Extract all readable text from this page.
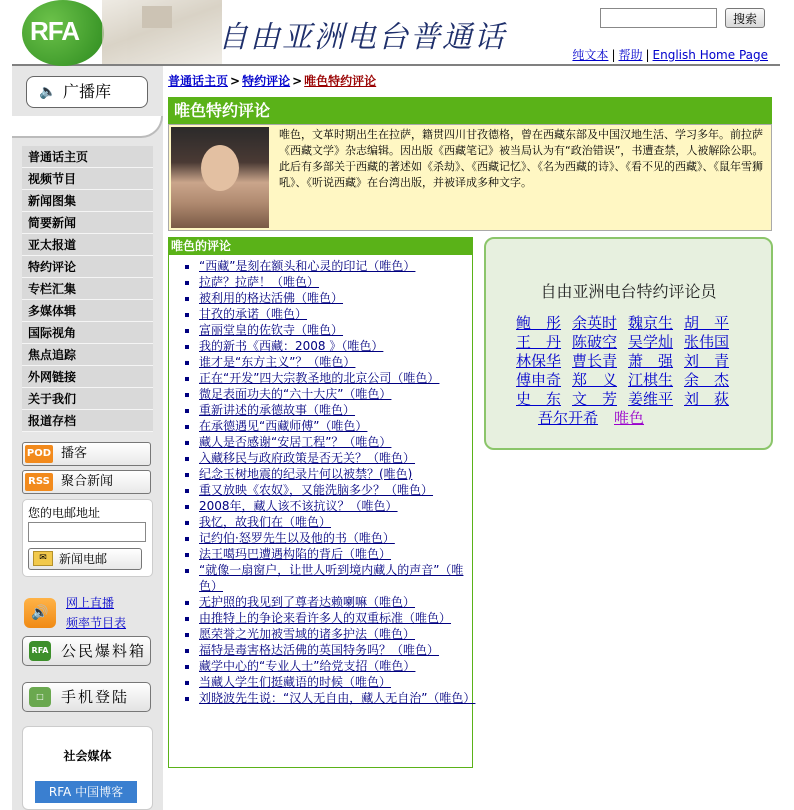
RFA	自由亚洲电台普通话
搜索
纯文本 | 帮助 | English Home Page
🔈 广播库
普通话主页
视频节目
新闻图集
简要新闻
亚太报道
特约评论
专栏汇集
多媒体辑
国际视角
焦点追踪
外网链接
关于我们
报道存档
POD 播客
RSS 聚合新闻
您的电邮地址
✉	新闻电邮
🔊
网上直播
频率节目表
RFA 公民爆料箱
□	手机登陆
社会媒体
RFA 中国博客
普通话主页 > 特约评论 > 唯色特约评论
唯色特约评论
唯色，文革时期出生在拉萨，籍贯四川甘孜德格，曾在西藏东部及中国汉地生活、学习多年。前拉萨《西藏文学》杂志编辑。因出版《西藏笔记》被当局认为有“政治错误”，书遭查禁，人被解除公职。此后有多部关于西藏的著述如《杀劫》、《西藏记忆》、《名为西藏的诗》、《看不见的西藏》、《鼠年雪狮吼》、《听说西藏》在台湾出版，并被译成多种文字。
唯色的评论
▪ “西藏”是刻在额头和心灵的印记（唯色）
▪ 拉萨？拉萨！（唯色）
▪ 被利用的格达活佛（唯色）
▪ 甘孜的承诺（唯色）
▪ 富丽堂皇的佐钦寺（唯色）
▪ 我的新书《西藏：2008 》（唯色）
▪ 谁才是“东方主义”？（唯色）
▪ 正在“开发”四大宗教圣地的北京公司（唯色）
▪ 微足表面功夫的“六十大庆”（唯色）
▪ 重新讲述的承德故事（唯色）
▪ 在承德遇见“西藏师傅”（唯色）
▪ 藏人是否感谢“安居工程”？（唯色）
▪ 入藏移民与政府政策是否无关？（唯色）
▪ 纪念玉树地震的纪录片何以被禁？(唯色)
▪ 重又放映《农奴》，又能洗脑多少？（唯色）
▪ 2008年，藏人该不该抗议？（唯色）
▪ 我忆，故我们在（唯色）
▪ 记约伯·怒罗先生以及他的书（唯色）
▪ 法王噶玛巴遭遇构陷的背后（唯色）
▪ “就像一扇窗户，让世人听到境内藏人的声音”（唯色）
▪ 无护照的我见到了尊者达赖喇嘛（唯色）
▪ 由推特上的争论来看许多人的双重标准（唯色）
▪ 愿荣誉之光加被雪域的诸多护法（唯色）
▪ 福特是毒害格达活佛的英国特务吗？（唯色）
▪ 藏学中心的“专业人士”给党支招（唯色）
▪ 当藏人学生们挺藏语的时候（唯色）
▪ 刘晓波先生说：“汉人无自由，藏人无自治”（唯色）
自由亚洲电台特约评论员
鲍　彤 余英时 魏京生 胡　平
王　丹 陈破空 吴学灿 张伟国
林保华 曹长青 萧　强 刘　青
傅申奇 郑　义 江棋生 余　杰
史　东 文　芳 姜维平 刘　荻
吾尔开希 唯色
